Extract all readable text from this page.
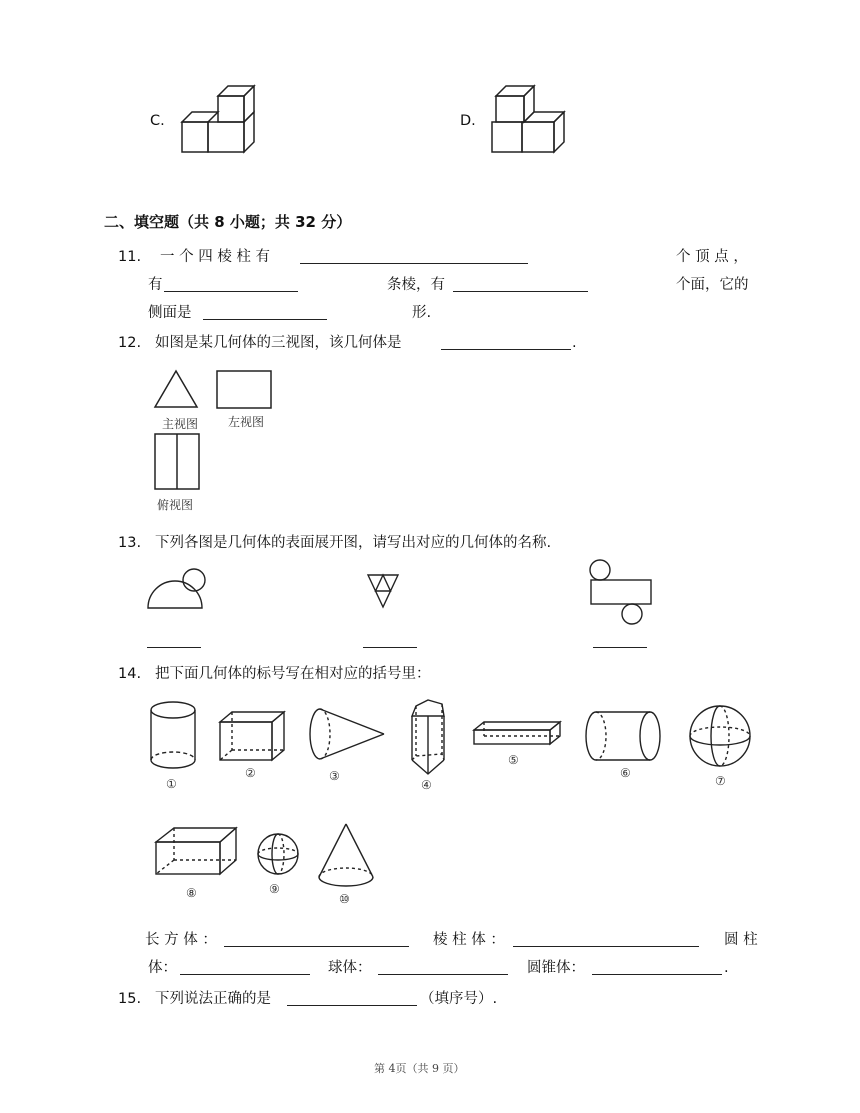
C.	D.
二、填空题（共 8 小题；共 32 分）
11. 一 个 四 棱 柱 有	个 顶 点 ，
有	条棱，有	个面，它的
侧面是	形.
12. 如图是某几何体的三视图，该几何体是	.
主视图 左视图
俯视图
13. 下列各图是几何体的表面展开图，请写出对应的几何体的名称.
14. 把下面几何体的标号写在相对应的括号里：
①
②	③
④
⑤
⑥
⑦
⑧	⑨
⑩
长 方 体 ：	棱 柱 体 ：	圆 柱
体：	球体：	圆锥体：	.
15. 下列说法正确的是	（填序号）.
第 4页（共 9 页）
